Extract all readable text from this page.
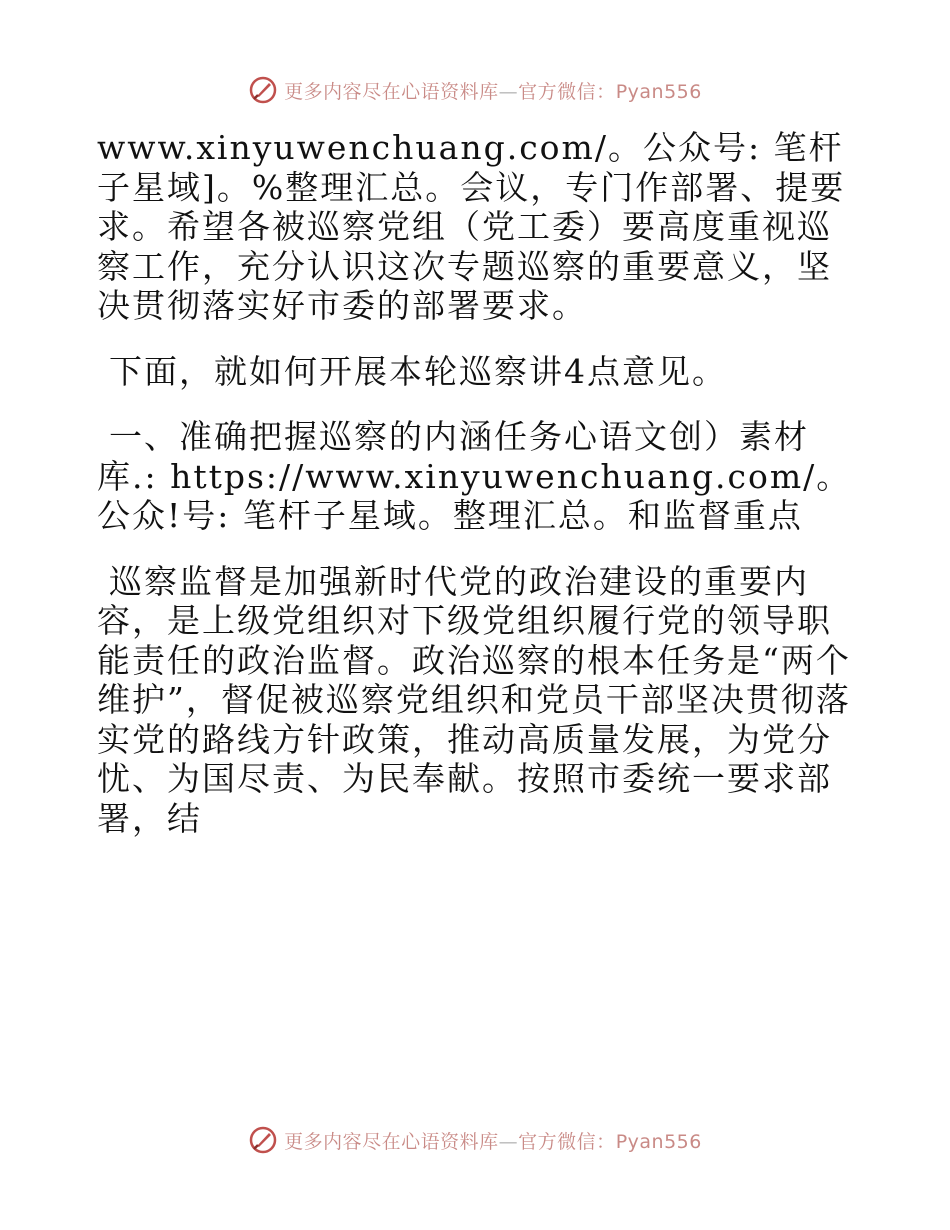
更多内容尽在心语资料库—官方微信：Pyan556

www.xinyuwenchuang.com/。公众号: 笔杆子星域]。%整理汇总。会议，专门作部署、提要求。希望各被巡察党组（党工委）要高度重视巡察工作，充分认识这次专题巡察的重要意义，坚决贯彻落实好市委的部署要求。

下面，就如何开展本轮巡察讲4点意见。

一、准确把握巡察的内涵任务心语文创）素材库.: https://www.xinyuwenchuang.com/。公众!号: 笔杆子星域。整理汇总。和监督重点

巡察监督是加强新时代党的政治建设的重要内容，是上级党组织对下级党组织履行党的领导职能责任的政治监督。政治巡察的根本任务是“两个维护”，督促被巡察党组织和党员干部坚决贯彻落实党的路线方针政策，推动高质量发展，为党分忧、为国尽责、为民奉献。按照市委统一要求部署，结

更多内容尽在心语资料库—官方微信：Pyan556
